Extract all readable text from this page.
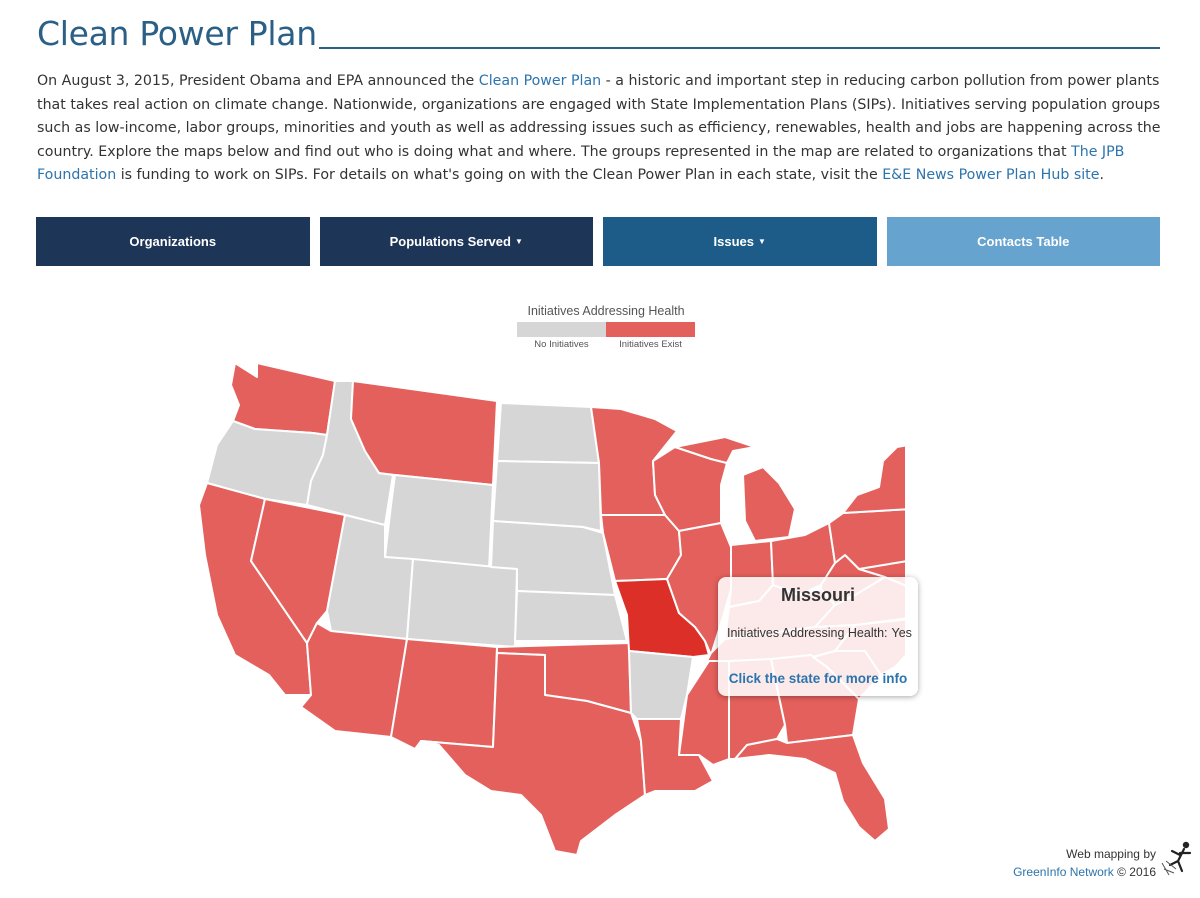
Clean Power Plan

On August 3, 2015, President Obama and EPA announced the Clean Power Plan - a historic and important step in reducing carbon pollution from power plants that takes real action on climate change. Nationwide, organizations are engaged with State Implementation Plans (SIPs). Initiatives serving population groups such as low-income, labor groups, minorities and youth as well as addressing issues such as efficiency, renewables, health and jobs are happening across the country. Explore the maps below and find out who is doing what and where. The groups represented in the map are related to organizations that The JPB Foundation is funding to work on SIPs. For details on what's going on with the Clean Power Plan in each state, visit the E&E News Power Plan Hub site.

Organizations	Populations Served ▼	Issues ▼	Contacts Table
Initiatives Addressing Health
No Initiatives	Initiatives Exist
Missouri
Initiatives Addressing Health: Yes
Click the state for more info
Web mapping by
GreenInfo Network © 2016
